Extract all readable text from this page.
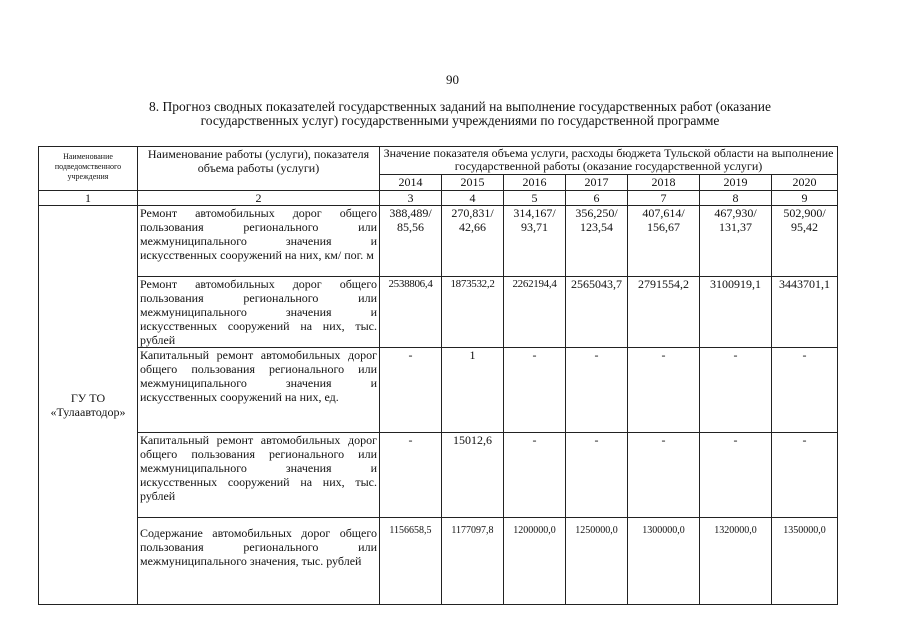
90
8. Прогноз сводных показателей государственных заданий на выполнение государственных работ (оказание
государственных услуг) государственными учреждениями по государственной программе
Наименование подведомственного учреждения	Наименование работы (услуги), показателя объема работы (услуги)	Значение показателя объема услуги, расходы бюджета Тульской области на выполнение государственной работы (оказание государственной услуги)						
		2014	2015	2016	2017	2018	2019	2020
1	2	3	4	5	6	7	8	9
ГУ ТО «Тулаавтодор»	Ремонт автомобильных дорог общего пользования регионального или межмуниципального значения и искусственных сооружений на них, км/ пог. м	388,489/ 85,56	270,831/ 42,66	314,167/ 93,71	356,250/ 123,54	407,614/ 156,67	467,930/ 131,37	502,900/ 95,42
	Ремонт автомобильных дорог общего пользования регионального или межмуниципального значения и искусственных сооружений на них, тыс. рублей	2538806,4	1873532,2	2262194,4	2565043,7	2791554,2	3100919,1	3443701,1
	Капитальный ремонт автомобильных дорог общего пользования регионального или межмуниципального значения и искусственных сооружений на них, ед.	-	1	-	-	-	-	-
	Капитальный ремонт автомобильных дорог общего пользования регионального или межмуниципального значения и искусственных сооружений на них, тыс. рублей	-	15012,6	-	-	-	-	-
	Содержание автомобильных дорог общего пользования регионального или межмуниципального значения, тыс. рублей	1156658,5	1177097,8	1200000,0	1250000,0	1300000,0	1320000,0	1350000,0
